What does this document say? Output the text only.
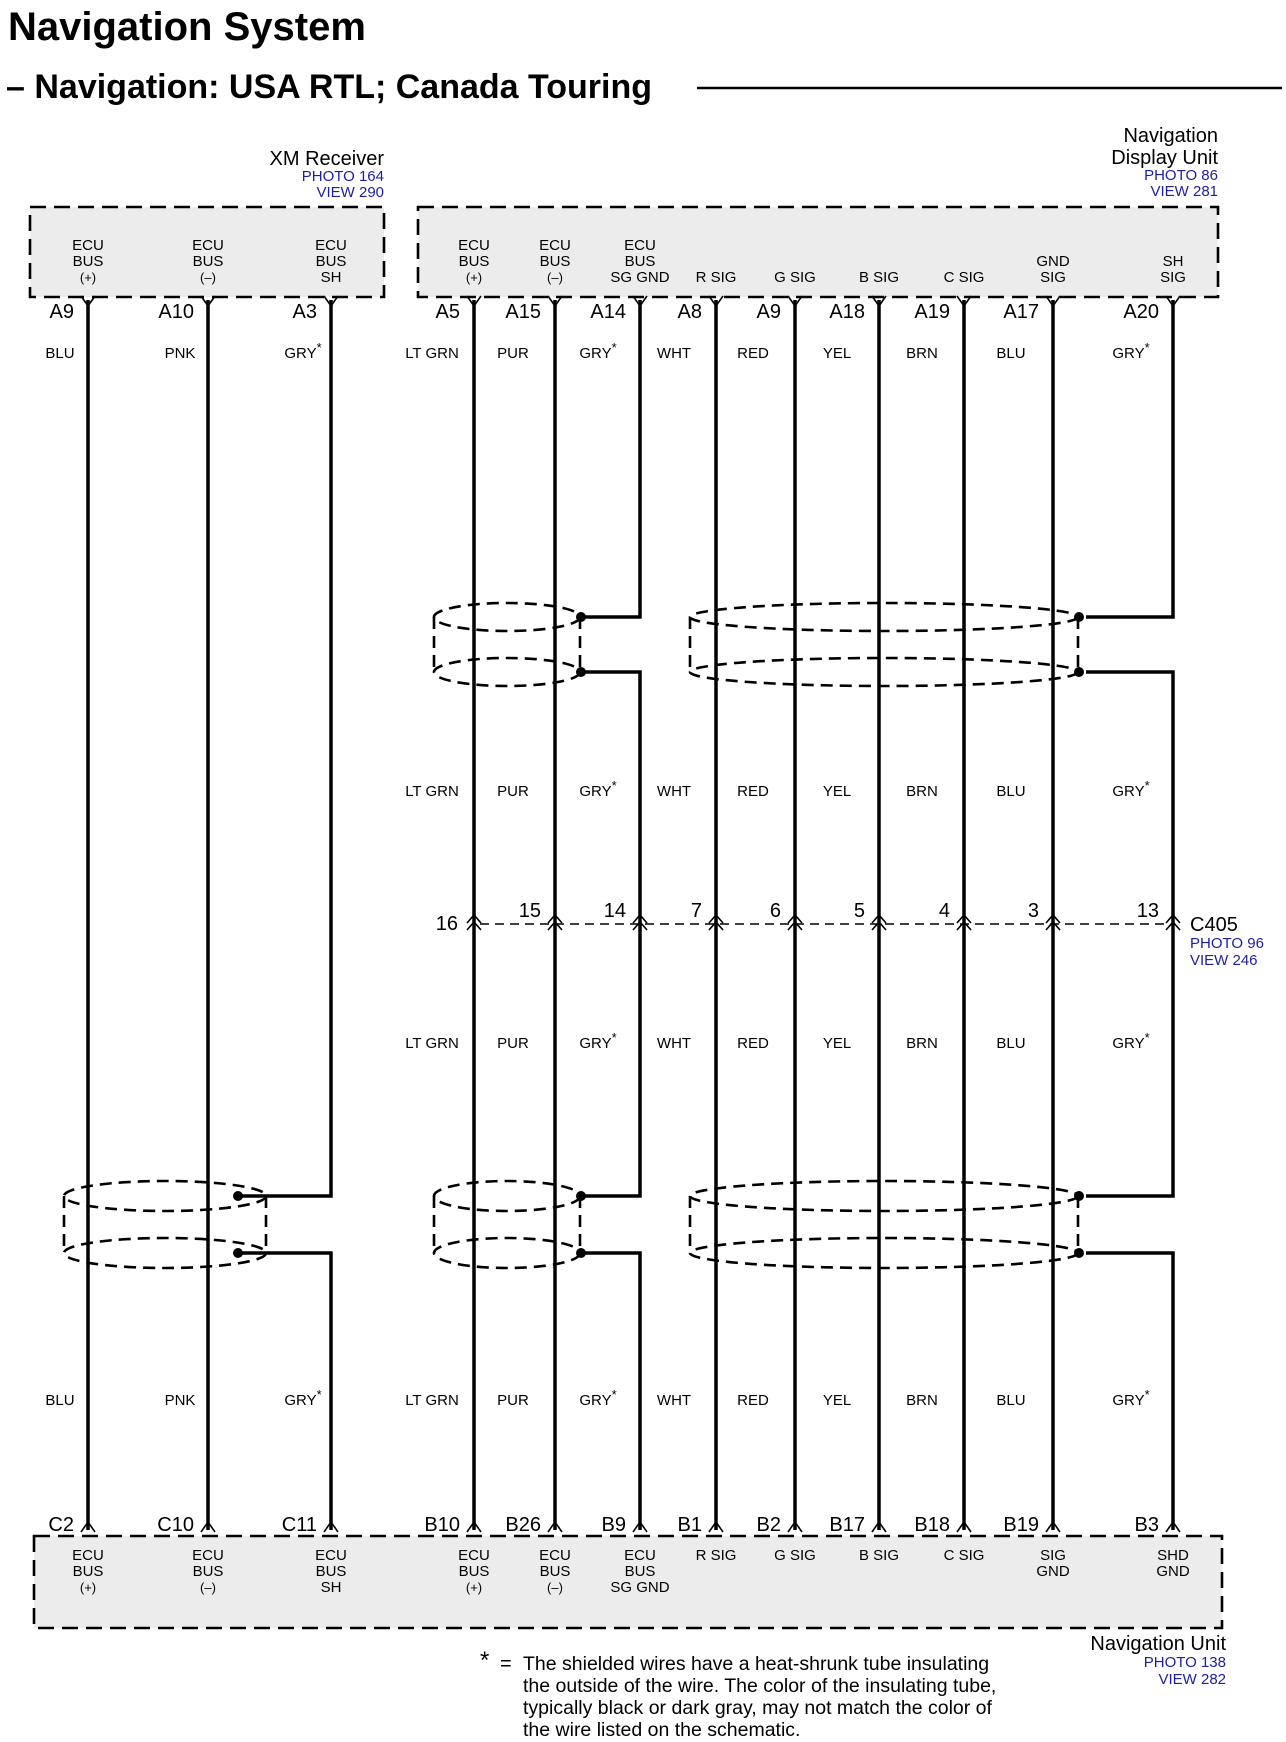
Navigation System
– Navigation: USA RTL; Canada Touring
XM Receiver
PHOTO 164
VIEW 290
Navigation
Display Unit
PHOTO 86
VIEW 281
C405
PHOTO 96
VIEW 246
Navigation Unit
PHOTO 138
VIEW 282
* = The shielded wires have a heat-shrunk tube insulating
the outside of the wire. The color of the insulating tube,
typically black or dark gray, may not match the color of
the wire listed on the schematic.
ECU
BUS
(+)
A9
BLU
BLU
ECU
BUS
(–)
A10
PNK
PNK
ECU
BUS
SH
A3
GRY*
GRY*
ECU
BUS
(+)
A5
LT GRN
LT GRN
LT GRN
LT GRN
16
ECU
BUS
(–)
A15
PUR
PUR
PUR
PUR
15
ECU
BUS
SG GND
A14
GRY*
GRY*
GRY*
GRY*
14
R SIG
A8
WHT
WHT
WHT
WHT
7
G SIG
A9
RED
RED
RED
RED
6
B SIG
A18
YEL
YEL
YEL
YEL
5
C SIG
A19
BRN
BRN
BRN
BRN
4
GND
SIG
A17
BLU
BLU
BLU
BLU
3
SH
SIG
A20
GRY*
GRY*
GRY*
GRY*
13
C2
ECU
BUS
(+)
C10
ECU
BUS
(–)
C11
ECU
BUS
SH
B10
ECU
BUS
(+)
B26
ECU
BUS
(–)
B9
ECU
BUS
SG GND
B1
R SIG
B2
G SIG
B17
B SIG
B18
C SIG
B19
SIG
GND
B3
SHD
GND
